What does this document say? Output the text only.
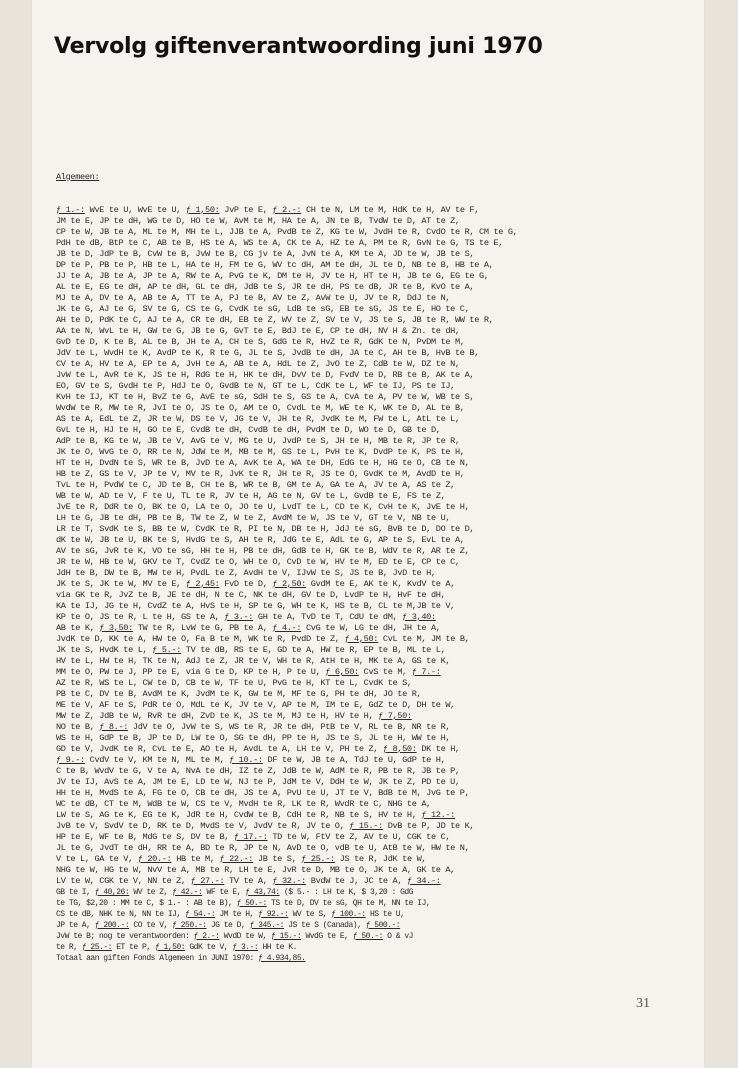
Vervolg giftenverantwoording juni 1970

Algemeen:

ƒ 1.-: WvE te U, WvE te U, ƒ 1,50: JvP te E, ƒ 2.-: CH te N, LM te M, HdK te H, AV te F,
JM te E, JP te dH, WG te D, HO te W, AvM te M, HA te A, JN te B, TvdW te D, AT te Z,
CP te W, JB te A, ML te M, MH te L, JJB te A, PvdB te Z, KG te W, JvdH te R, CvdO te R, CM te G,
PdH te dB, BtP te C, AB te B, HS te A, WS te A, CK te A, HZ te A, PM te R, GvN te G, TS te E,
JB te D, JdP te B, CvW te B, JvW te B, CG jv te A, JvN te A, KM te A, JD te W, JB te S,
DP te P, PB te P, HB te L, HA te H, FM te G, WV tc dH, AM te dH, JL te D, NB te B, HB te A,
JJ te A, JB te A, JP te A, RW te A, PvG te K, DM te H, JV te H, HT te H, JB te G, EG te G,
AL te E, EG te dH, AP te dH, GL te dH, JdB te S, JR te dH, PS te dB, JR te B, KvO te A,
MJ te A, DV te A, AB te A, TT te A, PJ te B, AV te Z, AvW te U, JV te R, DdJ te N,
JK te G, AJ te G, SV te G, CS te G, CvdK te sG, LdB te sG, EB te sG, JS te E, HO te C,
AH te D, PdK te C, AJ te A, CR te dH, EB te Z, WV te Z, SV te V, JS te S, JB te R, WW te R,
AA te N, WvL te H, GW te G, JB te G, GvT te E, BdJ te E, CP te dH, NV H & Zn. te dH,
GvD te D, K te B, AL te B, JH te A, CH te S, GdG te R, HvZ te R, GdK te N, PvDM te M,
JdV te L, WvdH te K, AvdP te K, R te G, JL te S, JvdB te dH, JA te C, AH te B, HvB te B,
CV te A, HV te A, EP te A, JvH te A, AB te A, HdL te Z, JvO te Z, CdB te W, DZ te N,
JvW te L, AvR te K, JS te H, RdG te H, HK te dH, DvV te D, FvdV te D, RB te B, AK te A,
EO, GV te S, GvdH te P, HdJ te O, GvdB te N, GT te L, CdK te L, WF te IJ, PS te IJ,
KvH te IJ, KT te H, BvZ te G, AvE te sG, SdH te S, GS te A, CvA te A, PV te W, WB te S,
WvdW te R, MW te R, JvI te O, JS te O, AM te O, CvdL te M, WE te K, WK te D, AL te B,
AS te A, EdL te Z, JR te W, DS te V, JG te V, JH te R, JvdK te M, FW te L, AtL te L,
GvL te H, HJ te H, GO te E, CvdB te dH, CvdB te dH, PvdM te D, WO te D, GB te D,
AdP te B, KG te W, JB te V, AvG te V, MG te U, JvdP te S, JH te H, MB te R, JP te R,
JK te O, WvG te O, RR te N, JdW te M, MB te M, GS te L, PvH te K, DvdP te K, PS te H,
HT te H, DvdN te S, WR te B, JvD te A, AvK te A, WA te DH, EdG te H, HG te O, CB te N,
HB te Z, GS te V, JP te V, MV te R, JvK te R, JH te R, JS te O, GvdK te M, AvdD te H,
TvL te H, PvdW te C, JD te B, CH te B, WR te B, GM te A, GA te A, JV te A, AS te Z,
WB te W, AD te V, F te U, TL te R, JV te H, AG te N, GV te L, GvdB te E, FS te Z,
JvE te R, DdR te O, BK te O, LA te O, JO te U, LvdT te L, CD te K, CvH te K, JvE te H,
LH te G, JB te dH, PB te B, TW te Z, W te Z, AvdM te W, JS te V, GT te V, NB te U,
LR te T, SvdK te S, BB te W, CvdK te R, PI te N, DB te H, JdJ te sG, BvB te D, DO te D,
dK te W, JB te U, BK te S, HvdG te S, AH te R, JdG te E, AdL te G, AP te S, EvL te A,
AV te sG, JvR te K, VO te sG, HH te H, PB te dH, GdB te H, GK te B, WdV te R, AR te Z,
JR te W, HB te W, GKV te T, CvdZ te O, WH te O, CvD te W, HV te M, ED te E, CP te C,
JdH te B, DW te B, MW te H, PvdL te Z, AvdH te V, IJvW te S, JS te B, JvD te H,
JK te S, JK te W, MV te E, ƒ 2,45: FvD te D, ƒ 2,50: GvdM te E, AK te K, KvdV te A,
via GK te R, JvZ te B, JE te dH, N te C, NK te dH, GV te D, LvdP te H, HvF te dH,
KA te IJ, JG te H, CvdZ te A, HvS te H, SP te G, WH te K, HS te B, CL te M,JB te V,
KP te O, JS te R, L te H, GS te A, ƒ 3.-: GH te A, TvD te T, CdU te dM, ƒ 3,40:
AB te K, ƒ 3,50: TW te R, LvW te G, PB te A, ƒ 4.-: CvG te W, LG te dH, JH te A,
JvdK te D, KK te A, HW te O, Fa B te M, WK te R, PvdD te Z, ƒ 4,50: CvL te M, JM te B,
JK te S, HvdK te L, ƒ 5.-: TV te dB, RS te E, GD te A, HW te R, EP te B, ML te L,
HV te L, HW te H, TK te N, AdJ te Z, JR te V, WH te R, AtH te H, MK te A, GS te K,
MM te O, PW te J, PP te E, via G te D, KP te H, P te U, ƒ 6,50: CvS te M, ƒ 7.-:
AZ te R, WS te L, CW te D, CB te W, TF te U, PvG te H, KT te L, CvdK te S,
PB te C, DV te B, AvdM te K, JvdM te K, GW te M, MF te G, PH te dH, JO te R,
ME te V, AF te S, PdR te O, MdL te K, JV te V, AP te M, IM te E, GdZ te D, DH te W,
MW te Z, JdB te W, RvR te dH, ZvD te K, JS te M, MJ te H, HV te H, ƒ 7,50:
NO te B, ƒ 8.-: JdV te O, JvW te S, WS te R, JR te dH, PtB te V, RL te B, NR te R,
WS te H, GdP te B, JP te D, LW te O, SG te dH, PP te H, JS te S, JL te H, WW te H,
GD te V, JvdK te R, CvL te E, AO te H, AvdL te A, LH te V, PH te Z, ƒ 8,50: DK te H,
ƒ 9.-: CvdV te V, KM te N, ML te M, ƒ 10.-: DF te W, JB te A, TdJ te U, GdP te H,
C te B, WvdV te G, V te A, NvA te dH, IZ te Z, JdB te W, AdM te R, PB te R, JB te P,
JV te IJ, AvS te A, JM te E, LD te W, NJ te P, JdM te V, DdH te W, JK te Z, PD te U,
HH te H, MvdS te A, FG te O, CB te dH, JS te A, PvU te U, JT te V, BdB te M, JvG te P,
WC te dB, CT te M, WdB te W, CS te V, MvdH te R, LK te R, WvdR te C, NHG te A,
LW te S, AG te K, EG te K, JdR te H, CvdW te B, CdH te R, NB te S, HV te H, ƒ 12.-:
JvB te V, SvdV te D, RK te D, MvdS te V, JvdV te R, JV te O, ƒ 15.-: DvB te P, JD te K,
HP te E, WF te B, MdG te S, DV te B, ƒ 17.-: TD te W, FtV te Z, AV te U, CGK te C,
JL te G, JvdT te dH, RR te A, BD te R, JP te N, AvD te O, vdB te U, AtB te W, HW te N,
V te L, GA te V, ƒ 20.-: HB te M, ƒ 22.-: JB te S, ƒ 25.-: JS te R, JdK te W,
NHG te W, HG te W, NvV te A, MB te R, LH te E, JvR te D, MB te O, JK te A, GK te A,
LV te W, CGK te V, NN te Z, ƒ 27.-: TV te A, ƒ 32.-: BvdW te J, JC te A, ƒ 34.-:
GB te I, ƒ 40,26: WV te Z, ƒ 42.-: WF te E, ƒ 43,74: ($ 5.- : LH te K, $ 3,20 : GdG
te TG, $2,20 : MM te C, $ 1.- : AB te B), ƒ 50.-: TS te D, DV te sG, QH te M, NN te IJ,
CS te dB, NHK te N, NN te IJ, ƒ 54.-: JM te H, ƒ 92.-: WV te S, ƒ 100.-: HS te U,
JP te A, ƒ 200.-: CO te V, ƒ 250.-: JG te D, ƒ 345.-: JS te S (Canada), ƒ 500.-:
JvW te B; nog te verantwoorden: ƒ 2.-: WvdD te W, ƒ 15.-: WvdG te E, ƒ 50.-: O & vJ
te R, ƒ 25.-: ET te P, ƒ 1,50: GdK te V, ƒ 3.-: HH te K.
Totaal aan giften Fonds Algemeen in JUNI 1970: ƒ 4.934,85.
31
